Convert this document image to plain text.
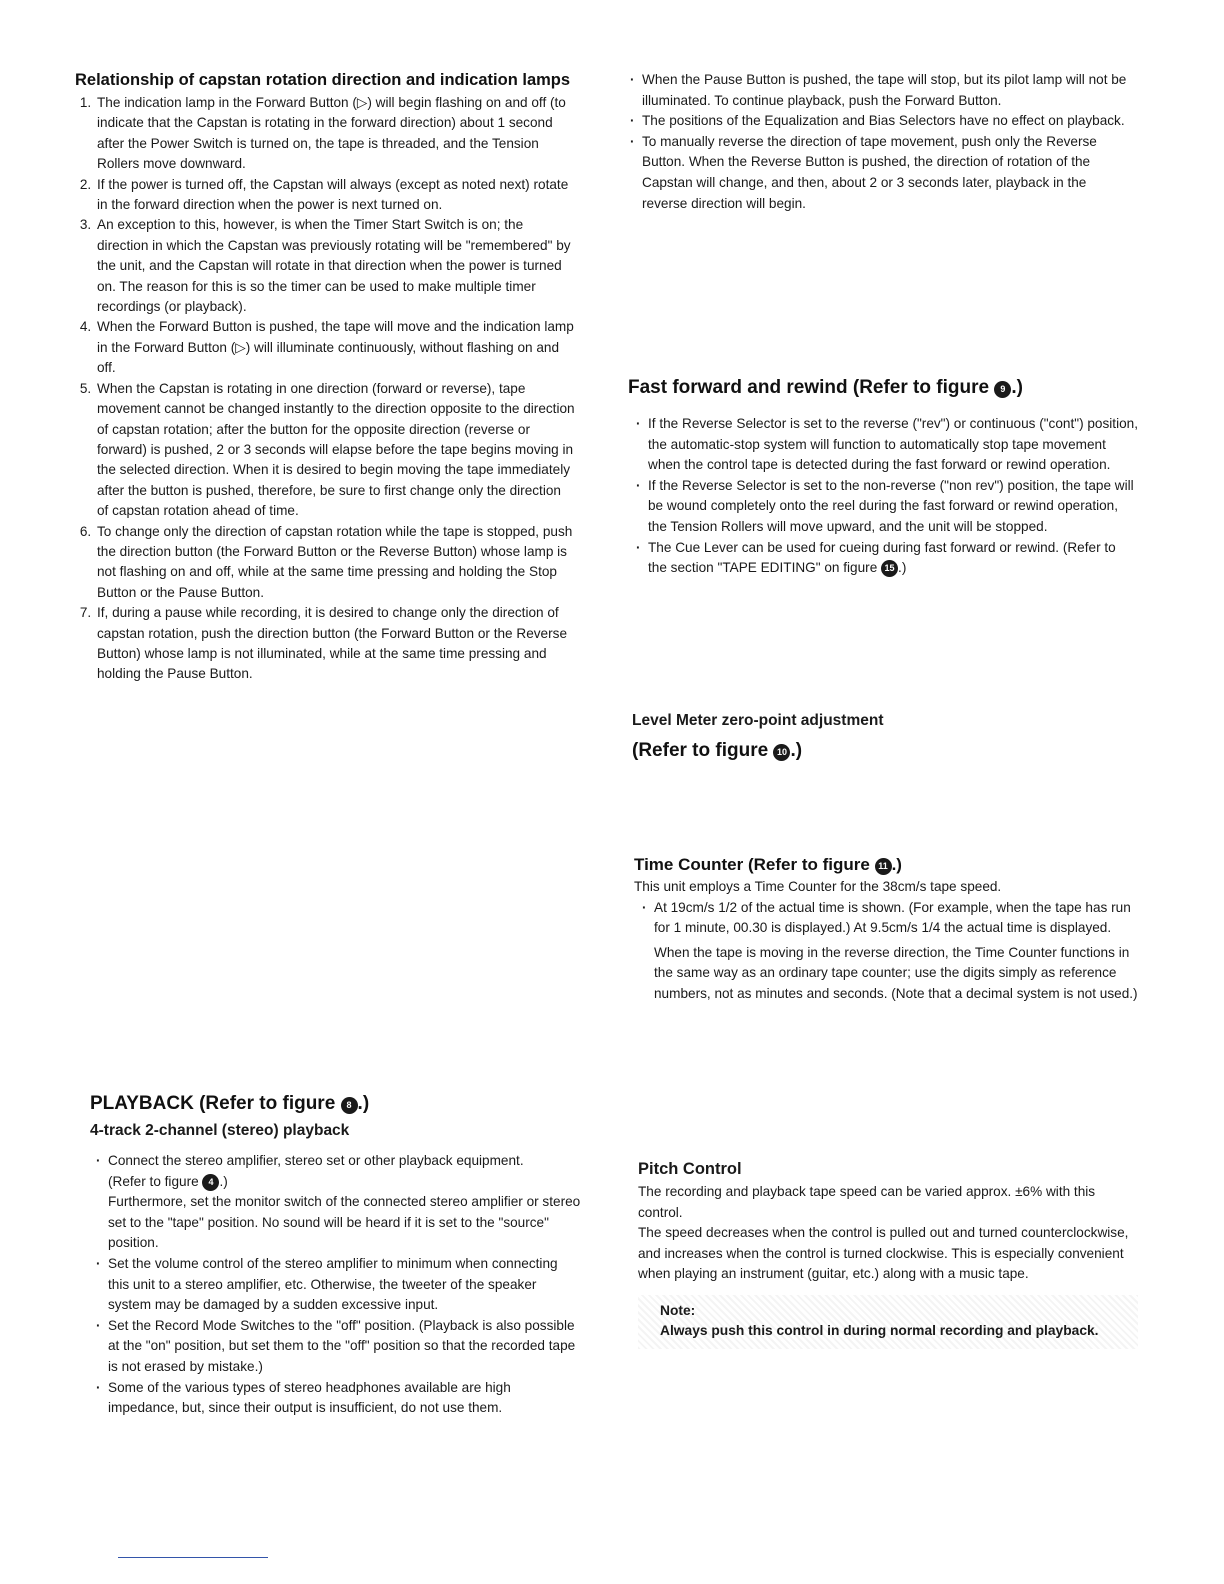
Relationship of capstan rotation direction and indication lamps
1. The indication lamp in the Forward Button (▷) will begin flashing on and off (to indicate that the Capstan is rotating in the forward direction) about 1 second after the Power Switch is turned on, the tape is threaded, and the Tension Rollers move downward.
2. If the power is turned off, the Capstan will always (except as noted next) rotate in the forward direction when the power is next turned on.
3. An exception to this, however, is when the Timer Start Switch is on; the direction in which the Capstan was previously rotating will be "remembered" by the unit, and the Capstan will rotate in that direction when the power is turned on. The reason for this is so the timer can be used to make multiple timer recordings (or playback).
4. When the Forward Button is pushed, the tape will move and the indication lamp in the Forward Button (▷) will illuminate continuously, without flashing on and off.
5. When the Capstan is rotating in one direction (forward or reverse), tape movement cannot be changed instantly to the direction opposite to the direction of capstan rotation; after the button for the opposite direction (reverse or forward) is pushed, 2 or 3 seconds will elapse before the tape begins moving in the selected direction. When it is desired to begin moving the tape immediately after the button is pushed, therefore, be sure to first change only the direction of capstan rotation ahead of time.
6. To change only the direction of capstan rotation while the tape is stopped, push the direction button (the Forward Button or the Reverse Button) whose lamp is not flashing on and off, while at the same time pressing and holding the Stop Button or the Pause Button.
7. If, during a pause while recording, it is desired to change only the direction of capstan rotation, push the direction button (the Forward Button or the Reverse Button) whose lamp is not illuminated, while at the same time pressing and holding the Pause Button.
PLAYBACK (Refer to figure 8 .)
4-track 2-channel (stereo) playback
· Connect the stereo amplifier, stereo set or other playback equipment.
(Refer to figure 4 .)
Furthermore, set the monitor switch of the connected stereo amplifier or stereo set to the "tape" position. No sound will be heard if it is set to the "source" position.
· Set the volume control of the stereo amplifier to minimum when connecting this unit to a stereo amplifier, etc. Otherwise, the tweeter of the speaker system may be damaged by a sudden excessive input.
· Set the Record Mode Switches to the "off" position. (Playback is also possible at the "on" position, but set them to the "off" position so that the recorded tape is not erased by mistake.)
· Some of the various types of stereo headphones available are high impedance, but, since their output is insufficient, do not use them.
· When the Pause Button is pushed, the tape will stop, but its pilot lamp will not be illuminated. To continue playback, push the Forward Button.
· The positions of the Equalization and Bias Selectors have no effect on playback.
· To manually reverse the direction of tape movement, push only the Reverse Button. When the Reverse Button is pushed, the direction of rotation of the Capstan will change, and then, about 2 or 3 seconds later, playback in the reverse direction will begin.
Fast forward and rewind (Refer to figure 9 .)
· If the Reverse Selector is set to the reverse ("rev") or continuous ("cont") position, the automatic-stop system will function to automatically stop tape movement when the control tape is detected during the fast forward or rewind operation.
· If the Reverse Selector is set to the non-reverse ("non rev") position, the tape will be wound completely onto the reel during the fast forward or rewind operation, the Tension Rollers will move upward, and the unit will be stopped.
· The Cue Lever can be used for cueing during fast forward or rewind. (Refer to the section "TAPE EDITING" on figure 15 .)
Level Meter zero-point adjustment
(Refer to figure 10 .)
Time Counter (Refer to figure 11 .)

This unit employs a Time Counter for the 38cm/s tape speed.

· At 19cm/s 1/2 of the actual time is shown. (For example, when the tape has run for 1 minute, 00.30 is displayed.) At 9.5cm/s 1/4 the actual time is displayed.

When the tape is moving in the reverse direction, the Time Counter functions in the same way as an ordinary tape counter; use the digits simply as reference numbers, not as minutes and seconds. (Note that a decimal system is not used.)

Pitch Control

The recording and playback tape speed can be varied approx. ±6% with this control.

The speed decreases when the control is pulled out and turned counterclockwise, and increases when the control is turned clockwise. This is especially convenient when playing an instrument (guitar, etc.) along with a music tape.

Note:
Always push this control in during normal recording and playback.
